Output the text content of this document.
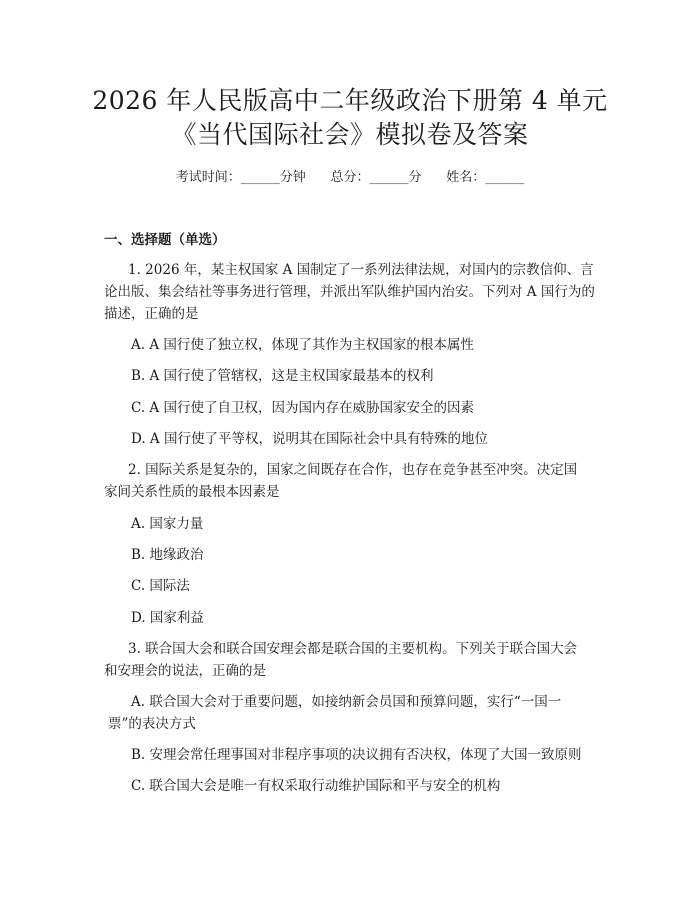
2026 年人民版高中二年级政治下册第 4 单元
《当代国际社会》模拟卷及答案
考试时间：______分钟      总分：______分      姓名：______
一、选择题（单选）
1. 2026 年，某主权国家 A 国制定了一系列法律法规，对国内的宗教信仰、言
论出版、集会结社等事务进行管理，并派出军队维护国内治安。下列对 A 国行为的
描述，正确的是
A. A 国行使了独立权，体现了其作为主权国家的根本属性
B. A 国行使了管辖权，这是主权国家最基本的权利
C. A 国行使了自卫权，因为国内存在威胁国家安全的因素
D. A 国行使了平等权，说明其在国际社会中具有特殊的地位
2. 国际关系是复杂的，国家之间既存在合作，也存在竞争甚至冲突。决定国
家间关系性质的最根本因素是
A. 国家力量
B. 地缘政治
C. 国际法
D. 国家利益
3. 联合国大会和联合国安理会都是联合国的主要机构。下列关于联合国大会
和安理会的说法，正确的是
A. 联合国大会对于重要问题，如接纳新会员国和预算问题，实行“一国一
票”的表决方式
B. 安理会常任理事国对非程序事项的决议拥有否决权，体现了大国一致原则
C. 联合国大会是唯一有权采取行动维护国际和平与安全的机构
